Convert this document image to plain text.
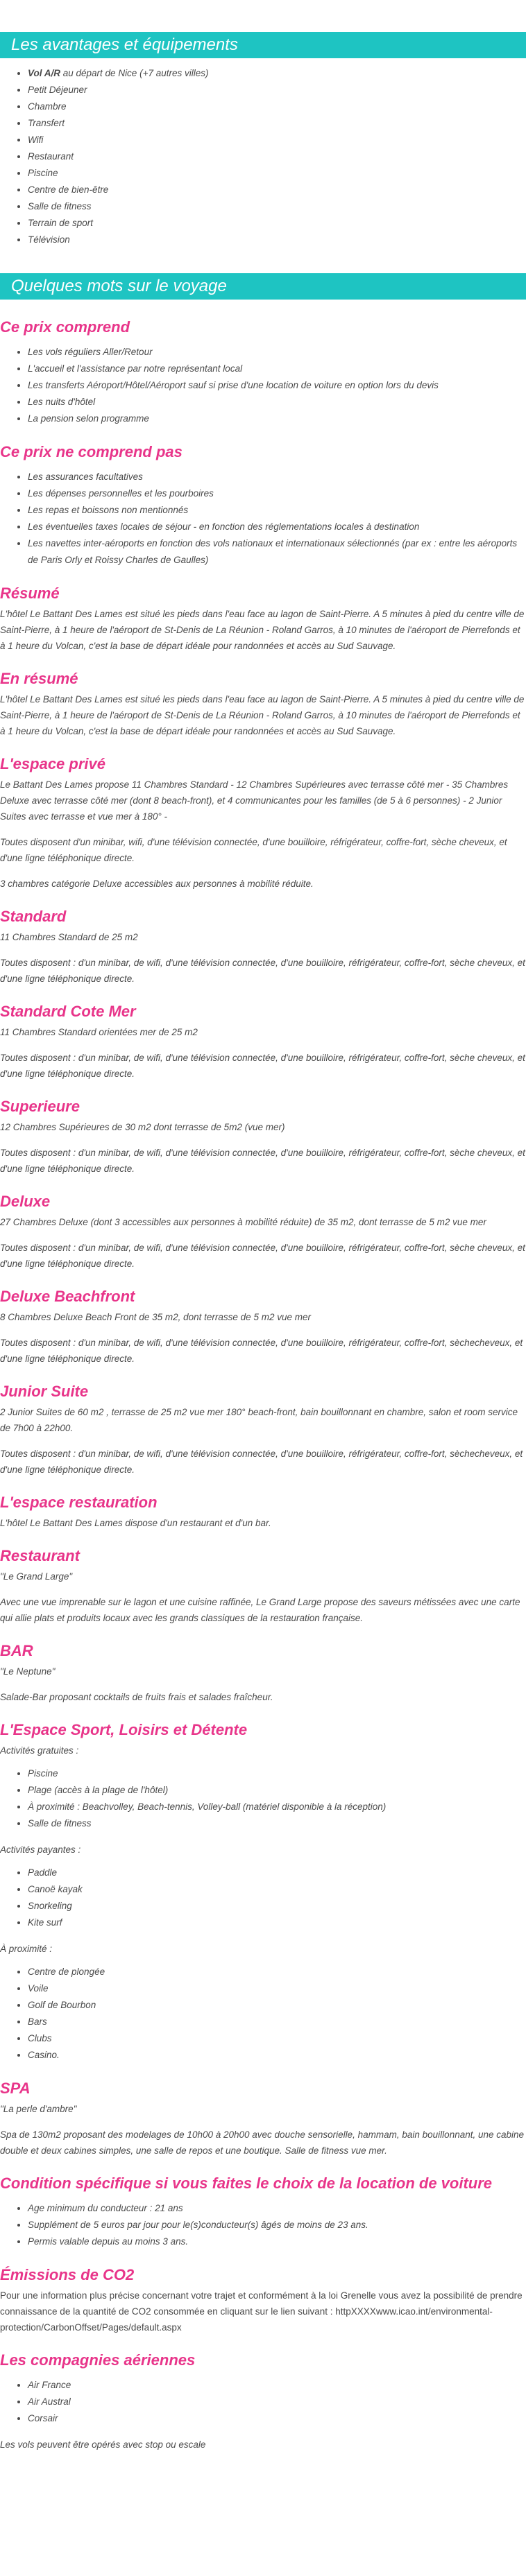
Les avantages et équipements
• Vol A/R au départ de Nice (+7 autres villes)
• Petit Déjeuner
• Chambre
• Transfert
• Wifi
• Restaurant
• Piscine
• Centre de bien-être
• Salle de fitness
• Terrain de sport
• Télévision
Quelques mots sur le voyage
Ce prix comprend
• Les vols réguliers Aller/Retour
• L'accueil et l'assistance par notre représentant local
• Les transferts Aéroport/Hôtel/Aéroport sauf si prise d'une location de voiture en option lors du devis
• Les nuits d'hôtel
• La pension selon programme
Ce prix ne comprend pas
• Les assurances facultatives
• Les dépenses personnelles et les pourboires
• Les repas et boissons non mentionnés
• Les éventuelles taxes locales de séjour - en fonction des réglementations locales à destination
• Les navettes inter-aéroports en fonction des vols nationaux et internationaux sélectionnés (par ex : entre les aéroports de Paris Orly et Roissy Charles de Gaulles)
Résumé

L'hôtel Le Battant Des Lames est situé les pieds dans l'eau face au lagon de Saint-Pierre. A 5 minutes à pied du centre ville de Saint-Pierre, à 1 heure de l'aéroport de St-Denis de La Réunion - Roland Garros, à 10 minutes de l'aéroport de Pierrefonds et à 1 heure du Volcan, c'est la base de départ idéale pour randonnées et accès au Sud Sauvage.

En résumé

L'hôtel Le Battant Des Lames est situé les pieds dans l'eau face au lagon de Saint-Pierre. A 5 minutes à pied du centre ville de Saint-Pierre, à 1 heure de l'aéroport de St-Denis de La Réunion - Roland Garros, à 10 minutes de l'aéroport de Pierrefonds et à 1 heure du Volcan, c'est la base de départ idéale pour randonnées et accès au Sud Sauvage.

L'espace privé

Le Battant Des Lames propose 11 Chambres Standard - 12 Chambres Supérieures avec terrasse côté mer - 35 Chambres Deluxe avec terrasse côté mer (dont 8 beach-front), et 4 communicantes pour les familles (de 5 à 6 personnes) - 2 Junior Suites avec terrasse et vue mer à 180° -

Toutes disposent d'un minibar, wifi, d'une télévision connectée, d'une bouilloire, réfrigérateur, coffre-fort, sèche cheveux, et d'une ligne téléphonique directe.

3 chambres catégorie Deluxe accessibles aux personnes à mobilité réduite.

Standard

11 Chambres Standard de 25 m2

Toutes disposent : d'un minibar, de wifi, d'une télévision connectée, d'une bouilloire, réfrigérateur, coffre-fort, sèche cheveux, et d'une ligne téléphonique directe.

Standard Cote Mer

11 Chambres Standard orientées mer de 25 m2

Toutes disposent : d'un minibar, de wifi, d'une télévision connectée, d'une bouilloire, réfrigérateur, coffre-fort, sèche cheveux, et d'une ligne téléphonique directe.

Superieure

12 Chambres Supérieures de 30 m2 dont terrasse de 5m2 (vue mer)

Toutes disposent : d'un minibar, de wifi, d'une télévision connectée, d'une bouilloire, réfrigérateur, coffre-fort, sèche cheveux, et d'une ligne téléphonique directe.

Deluxe

27 Chambres Deluxe (dont 3 accessibles aux personnes à mobilité réduite) de 35 m2, dont terrasse de 5 m2 vue mer

Toutes disposent : d'un minibar, de wifi, d'une télévision connectée, d'une bouilloire, réfrigérateur, coffre-fort, sèche cheveux, et d'une ligne téléphonique directe.

Deluxe Beachfront

8 Chambres Deluxe Beach Front de 35 m2, dont terrasse de 5 m2 vue mer

Toutes disposent : d'un minibar, de wifi, d'une télévision connectée, d'une bouilloire, réfrigérateur, coffre-fort, sèchecheveux, et d'une ligne téléphonique directe.

Junior Suite

2 Junior Suites de 60 m2 , terrasse de 25 m2 vue mer 180° beach-front, bain bouillonnant en chambre, salon et room service de 7h00 à 22h00.

Toutes disposent : d'un minibar, de wifi, d'une télévision connectée, d'une bouilloire, réfrigérateur, coffre-fort, sèchecheveux, et d'une ligne téléphonique directe.

L'espace restauration

L'hôtel Le Battant Des Lames dispose d'un restaurant et d'un bar.

Restaurant

"Le Grand Large"

Avec une vue imprenable sur le lagon et une cuisine raffinée, Le Grand Large propose des saveurs métissées avec une carte qui allie plats et produits locaux avec les grands classiques de la restauration française.

BAR

"Le Neptune"

Salade-Bar proposant cocktails de fruits frais et salades fraîcheur.

L'Espace Sport, Loisirs et Détente

Activités gratuites :

• Piscine
• Plage (accès à la plage de l'hôtel)
• À proximité : Beachvolley, Beach-tennis, Volley-ball (matériel disponible à la réception)
• Salle de fitness

Activités payantes :

• Paddle
• Canoë kayak
• Snorkeling
• Kite surf

À proximité :

• Centre de plongée
• Voile
• Golf de Bourbon
• Bars
• Clubs
• Casino.
SPA

"La perle d'ambre"

Spa de 130m2 proposant des modelages de 10h00 à 20h00 avec douche sensorielle, hammam, bain bouillonnant, une cabine double et deux cabines simples, une salle de repos et une boutique. Salle de fitness vue mer.

Condition spécifique si vous faites le choix de la location de voiture
• Age minimum du conducteur : 21 ans
• Supplément de 5 euros par jour pour le(s)conducteur(s) âgés de moins de 23 ans.
• Permis valable depuis au moins 3 ans.
Émissions de CO2

Pour une information plus précise concernant votre trajet et conformément à la loi Grenelle vous avez la possibilité de prendre connaissance de la quantité de CO2 consommée en cliquant sur le lien suivant : httpXXXXwww.icao.int/environmental-protection/CarbonOffset/Pages/default.aspx

Les compagnies aériennes
• Air France
• Air Austral
• Corsair

Les vols peuvent être opérés avec stop ou escale
